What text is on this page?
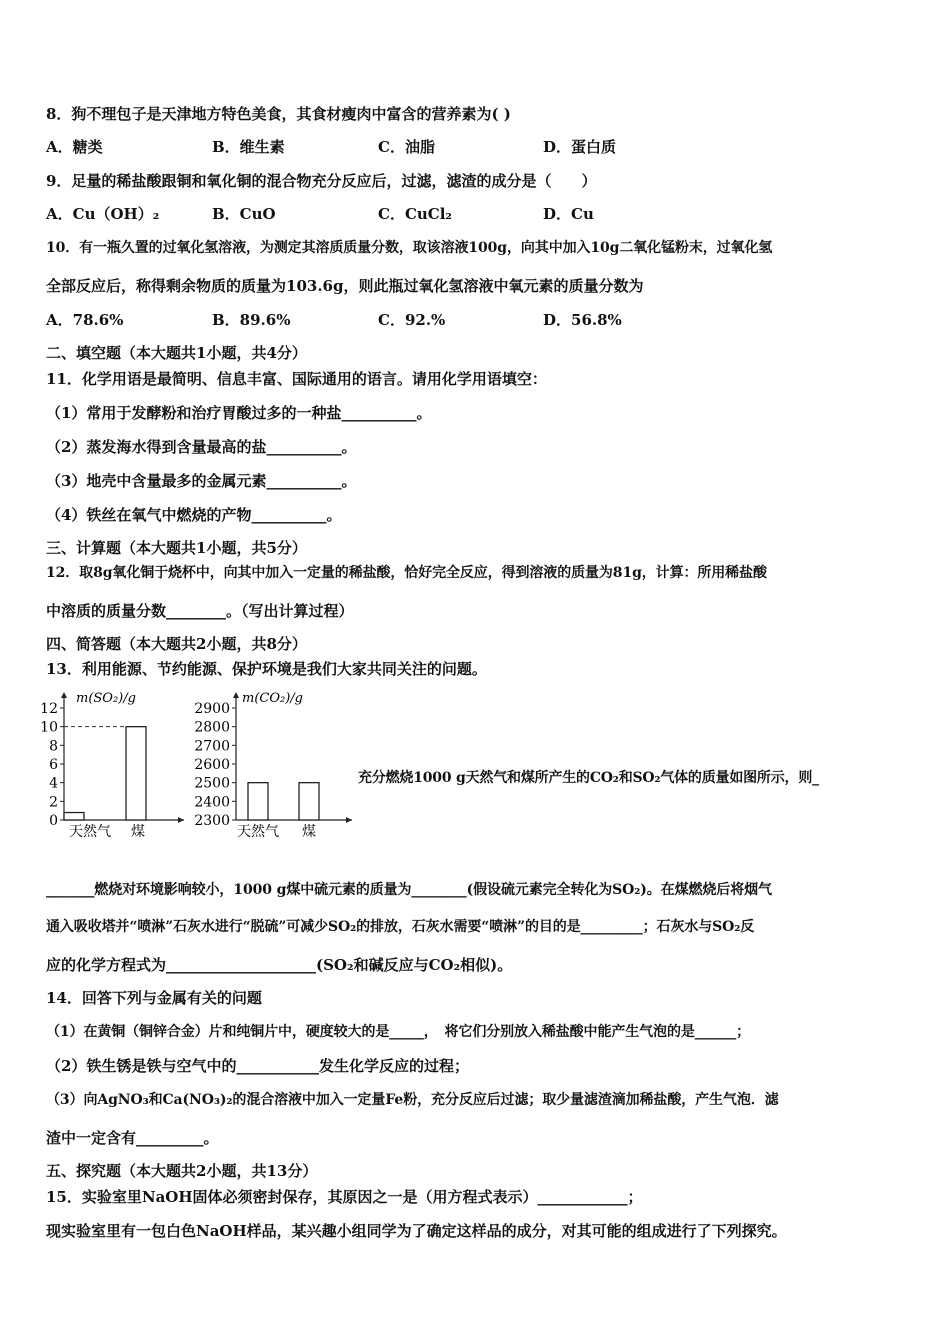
8．狗不理包子是天津地方特色美食，其食材瘦肉中富含的营养素为( )
A．糖类	B．维生素	C．油脂	D．蛋白质
9．足量的稀盐酸跟铜和氧化铜的混合物充分反应后，过滤，滤渣的成分是（　　）
A．Cu（OH）₂	B．CuO	C．CuCl₂	D．Cu
10．有一瓶久置的过氧化氢溶液，为测定其溶质质量分数，取该溶液100g，向其中加入10g二氧化锰粉末，过氧化氢
全部反应后，称得剩余物质的质量为103.6g，则此瓶过氧化氢溶液中氧元素的质量分数为
A．78.6%	B．89.6%	C．92.%	D．56.8%
二、填空题（本大题共1小题，共4分）
11．化学用语是最简明、信息丰富、国际通用的语言。请用化学用语填空：
（1）常用于发酵粉和治疗胃酸过多的一种盐__________。
（2）蒸发海水得到含量最高的盐__________。
（3）地壳中含量最多的金属元素__________。
（4）铁丝在氧气中燃烧的产物__________。
三、计算题（本大题共1小题，共5分）
12．取8g氧化铜于烧杯中，向其中加入一定量的稀盐酸，恰好完全反应，得到溶液的质量为81g，计算：所用稀盐酸
中溶质的质量分数________。（写出计算过程）
四、简答题（本大题共2小题，共8分）
13．利用能源、节约能源、保护环境是我们大家共同关注的问题。
0
2
4
6
8
10
12
天然气 煤
m(SO₂)/g
2300
2400
2500
2600
2700
2800
2900
天然气 煤
m(CO₂)/g
充分燃烧1000 g天然气和煤所产生的CO₂和SO₂气体的质量如图所示，则_
_______燃烧对环境影响较小，1000 g煤中硫元素的质量为________(假设硫元素完全转化为SO₂)。在煤燃烧后将烟气
通入吸收塔并“喷淋”石灰水进行“脱硫”可减少SO₂的排放，石灰水需要“喷淋”的目的是_________；石灰水与SO₂反
应的化学方程式为____________________(SO₂和碱反应与CO₂相似)。
14．回答下列与金属有关的问题
（1）在黄铜（铜锌合金）片和纯铜片中，硬度较大的是_____，　将它们分别放入稀盐酸中能产生气泡的是______；
（2）铁生锈是铁与空气中的___________发生化学反应的过程；
（3）向AgNO₃和Ca(NO₃)₂的混合溶液中加入一定量Fe粉，充分反应后过滤；取少量滤渣滴加稀盐酸，产生气泡．滤
渣中一定含有_________。
五、探究题（本大题共2小题，共13分）
15．实验室里NaOH固体必须密封保存，其原因之一是（用方程式表示）____________；
现实验室里有一包白色NaOH样品，某兴趣小组同学为了确定这样品的成分，对其可能的组成进行了下列探究。
